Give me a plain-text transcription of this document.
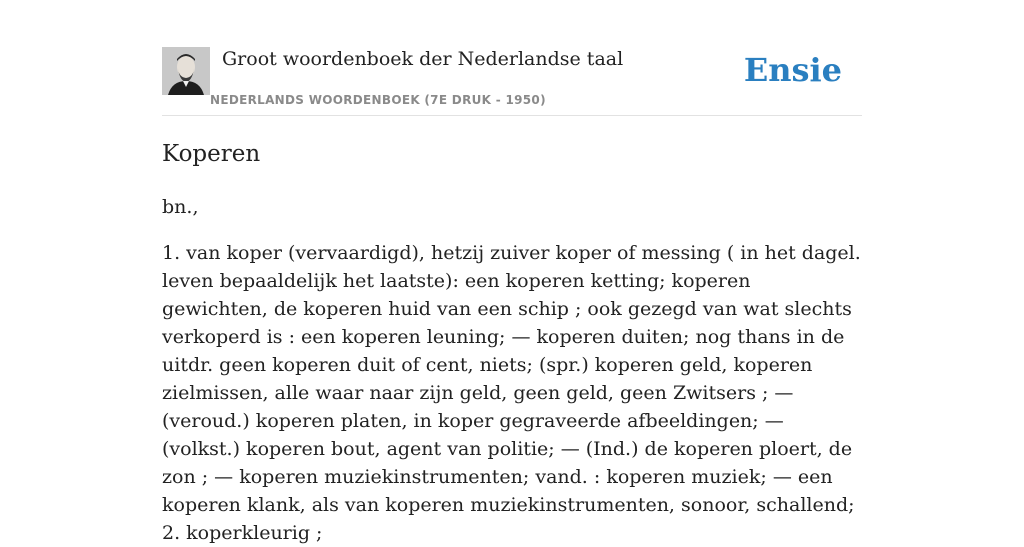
Groot woordenboek der Nederlandse taal
NEDERLANDS WOORDENBOEK (7E DRUK - 1950)
Ensie
Koperen
bn.,

1. van koper (vervaardigd), hetzij zuiver koper of messing ( in het dagel. leven bepaaldelijk het laatste): een koperen ketting; koperen gewichten, de koperen huid van een schip ; ook gezegd van wat slechts verkoperd is : een koperen leuning; — koperen duiten; nog thans in de uitdr. geen koperen duit of cent, niets; (spr.) koperen geld, koperen zielmissen, alle waar naar zijn geld, geen geld, geen Zwitsers ; — (veroud.) koperen platen, in koper gegraveerde afbeeldingen; — (volkst.) koperen bout, agent van politie; — (Ind.) de koperen ploert, de zon ; — koperen muziekinstrumenten; vand. : koperen muziek; — een koperen klank, als van koperen muziekinstrumenten, sonoor, schallend;

2. koperkleurig ;
